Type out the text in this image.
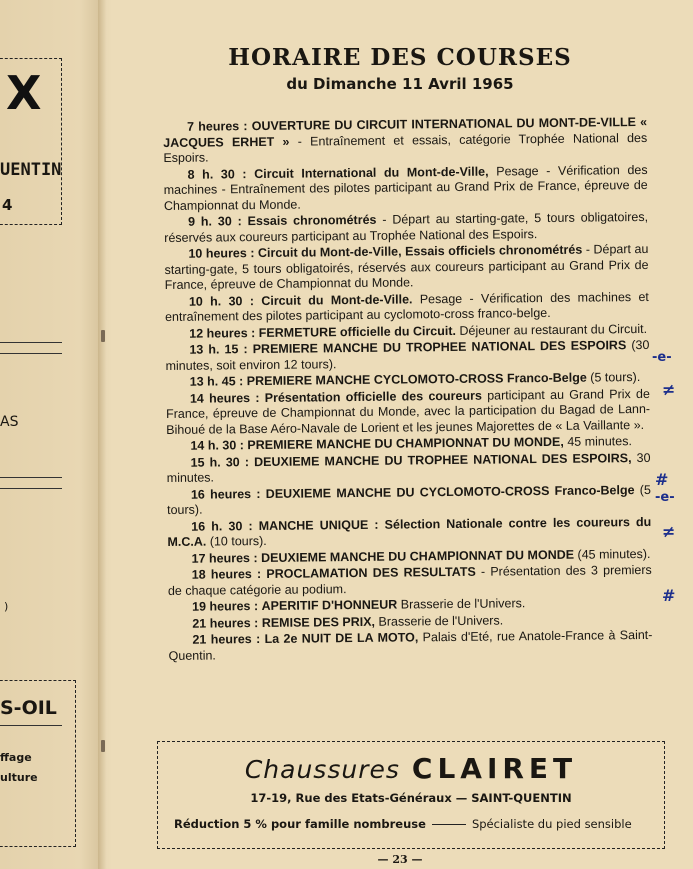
X
UENTIN
4
AS
)
S-OIL
ffage
ulture
HORAIRE DES COURSES
du Dimanche 11 Avril 1965

7 heures : OUVERTURE DU CIRCUIT INTERNATIONAL DU MONT-DE-VILLE « JACQUES ERHET » - Entraînement et essais, catégorie Trophée National des Espoirs.

8 h. 30 : Circuit International du Mont-de-Ville, Pesage - Vérification des machines - Entraînement des pilotes participant au Grand Prix de France, épreuve de Championnat du Monde.

9 h. 30 : Essais chronométrés - Départ au starting-gate, 5 tours obligatoires, réservés aux coureurs participant au Trophée National des Espoirs.

10 heures : Circuit du Mont-de-Ville, Essais officiels chronométrés - Départ au starting-gate, 5 tours obligatoirés, réservés aux coureurs participant au Grand Prix de France, épreuve de Championnat du Monde.

10 h. 30 : Circuit du Mont-de-Ville. Pesage - Vérification des machines et entraînement des pilotes participant au cyclomoto-cross franco-belge.

12 heures : FERMETURE officielle du Circuit. Déjeuner au restaurant du Circuit.

13 h. 15 : PREMIERE MANCHE DU TROPHEE NATIONAL DES ESPOIRS (30 minutes, soit environ 12 tours).

13 h. 45 : PREMIERE MANCHE CYCLOMOTO-CROSS Franco-Belge (5 tours).

14 heures : Présentation officielle des coureurs participant au Grand Prix de France, épreuve de Championnat du Monde, avec la participation du Bagad de Lann-Bihoué de la Base Aéro-Navale de Lorient et les jeunes Majorettes de « La Vaillante ».

14 h. 30 : PREMIERE MANCHE DU CHAMPIONNAT DU MONDE, 45 minutes.

15 h. 30 : DEUXIEME MANCHE DU TROPHEE NATIONAL DES ESPOIRS, 30 minutes.

16 heures : DEUXIEME MANCHE DU CYCLOMOTO-CROSS Franco-Belge (5 tours).

16 h. 30 : MANCHE UNIQUE : Sélection Nationale contre les coureurs du M.C.A. (10 tours).

17 heures : DEUXIEME MANCHE DU CHAMPIONNAT DU MONDE (45 minutes).

18 heures : PROCLAMATION DES RESULTATS - Présentation des 3 premiers de chaque catégorie au podium.

19 heures : APERITIF D'HONNEUR Brasserie de l'Univers.

21 heures : REMISE DES PRIX, Brasserie de l'Univers.

21 heures : La 2e NUIT DE LA MOTO, Palais d'Eté, rue Anatole-France à Saint-Quentin.

-e-
≠
#
-e-
≠
#
Chaussures CLAIRET
17-19, Rue des Etats-Généraux — SAINT-QUENTIN
Réduction 5 % pour famille nombreuse	Spécialiste du pied sensible
— 23 —
